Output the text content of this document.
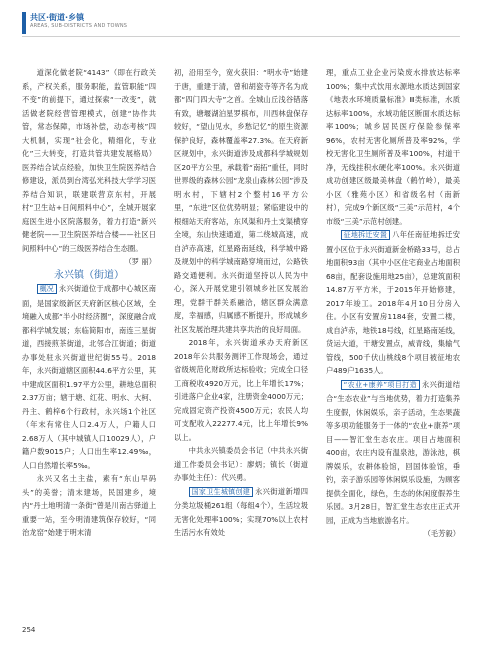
共区·街道·乡镇
AREAS, SUB-DISTRICTS AND TOWNS

道深化做老院“4143”（即在行政关系，产权关系，服务职能，监管职能“四不变”的前提下，通过探索“一改变”，就活做老院经营管理模式，创建“协作共管，常态保障，市场补偿，动态考核”四大机制，实现“社会化，精细化，专业化”三大转变，打造共管共建发展格局）医养结合试点经验，加快卫生院医养结合修建设，派员到台湾弘光科技大学学习医养结合知识，联建联营京东村，开展村“卫生站+日间照料中心”，全城开展家庭医生进小区院落服务，着力打造“新兴健老院——卫生院医养结合楼——社区日间照料中心”的三级医养结合生态圈。

（罗 丽）

永兴镇（街道）

概况 永兴街道位于成都中心城区南面，是国家级新区天府新区核心区域，全境融入成都“半小时经济圈”，深度融合成都科学城发展；东临简阳市，南连三星街道，西接煎茶街道，北邻合江街道；街道办事处驻永兴街道世纪街55号。2018年，永兴街道辖区面积44.6平方公里，其中建成区面积1.97平方公里，耕地总面积2.37万亩；辖于塘、红花、明水、大柯、丹主、鹤梓6个行政村，永兴场1个社区（年末有常住人口2.4万人，户籍人口2.68万人（其中城镇人口10029人），户籍户数9015户；人口出生率12.49‰，人口自然增长率5‰。

永兴又名土主盐，素有“东山早码头”的美誉；清末建场，民国建乡，境内“丹土地明清一条街”曾是川南古驿道上重要一站，至今明清建筑保存较好，“同治龙窑”始建于明末清

初，沿用至今，宽火获旧：“明水寺”始建于唐，重建于清，曾和胡瓷寺等齐名为成都“四门四大寺”之首。全城山丘浅谷错落有致，塘堰湖泊星罗棋布，川西林盘保存较好，“望山见水，乡愁记忆”的原生资源保护良好，森林覆盖率27.3%。在天府新区规划中，永兴街道涉及成都科学城规划区20平方公里，承载着“南拓”重任，同时世界级的森林公园“龙泉山森林公园”涉及明水村，下辖村2个整村16平方公里，“东进”区位优势明显；紧临建设中的根细站天府客站，东风渠和丹土支渠横穿全境，东山快速通道，第二绕城高速，成自泸赤高速，红星路南延线，科学城中路及规划中的科学城南路穿境而过，公路铁路交通便利。永兴街道坚持以人民为中心，深入开展党建引领城乡社区发展治理，党群干群关系融洽，辖区群众满意度，幸福感，归属感不断提升，形成城乡社区发展治理共建共享共治的良好局面。

2018年，永兴街道承办天府新区2018年公共服务测评工作现场会，通过省级规范化财政所达标验收；完成全口径工商税收4920万元，比上年增长17%；引进落户企业4家，注册资金4000万元；完成固定资产投资4500万元；农民人均可支配收入22277.4元，比上年增长9%以上。

中共永兴镇委员会书记（中共永兴街道工作委员会书记）：廖炳；镇长（街道办事处主任）：代兴勇。

国家卫生城镇创建 永兴街道新增四分类垃圾桶261组（每组4个），生活垃圾无害化处理率100%；实现70%以上农村生活污水有效处

理，重点工业企业污染废水排放达标率100%；集中式饮用水源地水质达到国家《地表水环境质量标准》Ⅲ类标准，水质达标率100%，水域功能区断面水质达标率100%；城乡居民医疗保险参保率96%，农村无害化厕所普及率92%，学校无害化卫生厕所普及率100%，村道干净，无线挂积水硬化率100%。永兴街道成功创建区级最美林盘（鹤竹岭），最美小区（雅苑小区）和省级名村（南新村），完成9个新区级“三美”示范村，4个市级“三美”示范村创建。

征地拆迁安置 八年任南征地拆迁安置小区位于永兴街道新金桥路33号，总占地面积93亩（其中小区住宅商业占地面积68亩，配套设施用地25亩），总建筑面积14.87万平方米，于2015年开始修建，2017年竣工。2018年4月10日分房入住。小区有安置房1184套，安置二楼，成自泸赤，地铁18号线，红星路南延线，货运大道，干塘安置点，威青线，集输气管线，500千伏山桃线8个项目被征地农户489户1635人。

“农业+康养”项目打造 永兴街道结合“生态农业”与当地优势，着力打造集养生度假，休闲娱乐，亲子活动，生态果蔬等多项功能服务于一体的“农业+康养”项目——智汇堂生态农庄。项目占地面积400亩，农庄内设有温泉池，游泳池，棋牌娱乐，农耕体验馆，回国体验馆，垂钓，亲子游乐园等休闲娱乐设施，为顾客提供全面化，绿色，生态的休闲度假养生乐园。3月28日，智汇堂生态农庄正式开园，正成为当地旅游名片。

（毛芳毅）

254
